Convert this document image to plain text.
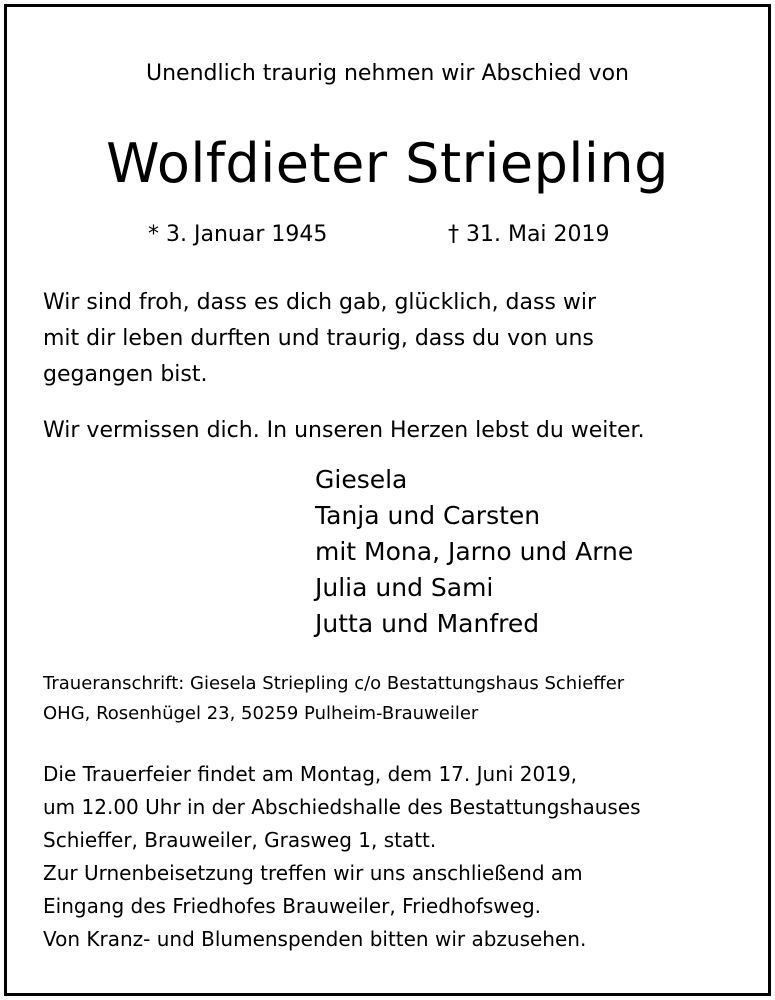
Unendlich traurig nehmen wir Abschied von
Wolfdieter Striepling
* 3. Januar 1945	† 31. Mai 2019
Wir sind froh, dass es dich gab, glücklich, dass wir
mit dir leben durften und traurig, dass du von uns
gegangen bist.
Wir vermissen dich. In unseren Herzen lebst du weiter.
Giesela
Tanja und Carsten
mit Mona, Jarno und Arne
Julia und Sami
Jutta und Manfred
Traueranschrift: Giesela Striepling c/o Bestattungshaus Schieffer
OHG, Rosenhügel 23, 50259 Pulheim-Brauweiler
Die Trauerfeier findet am Montag, dem 17. Juni 2019,
um 12.00 Uhr in der Abschiedshalle des Bestattungshauses
Schieffer, Brauweiler, Grasweg 1, statt.
Zur Urnenbeisetzung treffen wir uns anschließend am
Eingang des Friedhofes Brauweiler, Friedhofsweg.
Von Kranz- und Blumenspenden bitten wir abzusehen.
